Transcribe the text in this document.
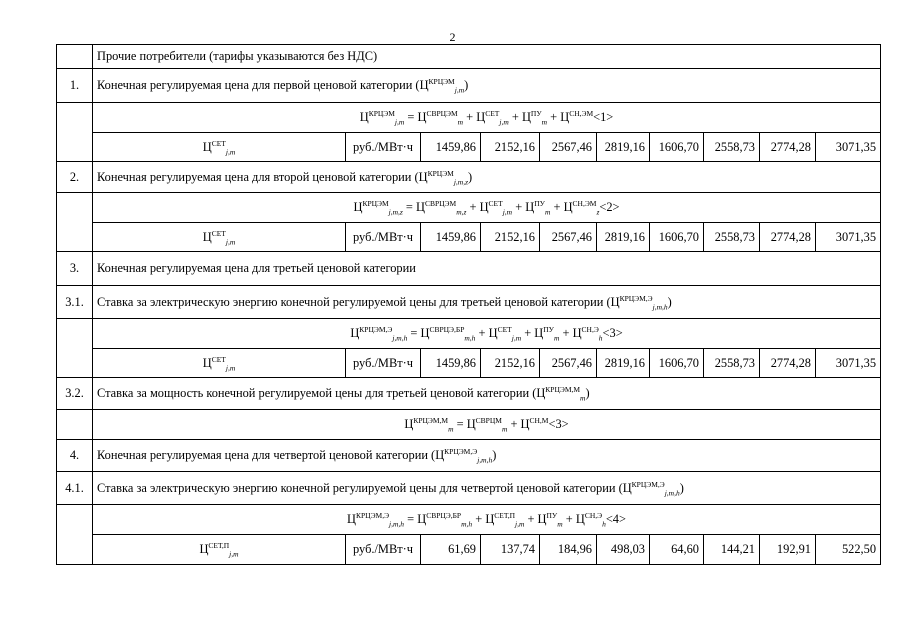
2
	Прочие потребители (тарифы указываются без НДС)									
1.	Конечная регулируемая цена для первой ценовой категории $(Ц^{КРЦЭМ}_{j,m})$									
	$Ц^{КРЦЭМ}_{j,m} = Ц^{СВРЦЭМ}_m + Ц^{СЕТ}_{j,m} + Ц^{ПУ}_m + Ц^{СН,ЭМ}<1>$									
	$Ц^{СЕТ}_{j,m}$	руб./МВт·ч	1459,86	2152,16	2567,46	2819,16	1606,70	2558,73	2774,28	3071,35
2.	Конечная регулируемая цена для второй ценовой категории $(Ц^{КРЦЭМ}_{j,m,z})$									
	$Ц^{КРЦЭМ}_{j,m,z} = Ц^{СВРЦЭМ}_{m,z} + Ц^{СЕТ}_{j,m} + Ц^{ПУ}_m + Ц^{СН,ЭМ}_z<2>$									
	$Ц^{СЕТ}_{j,m}$	руб./МВт·ч	1459,86	2152,16	2567,46	2819,16	1606,70	2558,73	2774,28	3071,35
3.	Конечная регулируемая цена для третьей ценовой категории									
3.1.	Ставка за электрическую энергию конечной регулируемой цены для третьей ценовой категории $(Ц^{КРЦЭМ,Э}_{j,m,h})$									
	$Ц^{КРЦЭМ,Э}_{j,m,h} = Ц^{СВРЦЭ,БР}_{m,h} + Ц^{СЕТ}_{j,m} + Ц^{ПУ}_m + Ц^{СН,Э}_h<3>$									
	$Ц^{СЕТ}_{j,m}$	руб./МВт·ч	1459,86	2152,16	2567,46	2819,16	1606,70	2558,73	2774,28	3071,35
3.2.	Ставка за мощность конечной регулируемой цены для третьей ценовой категории $(Ц^{КРЦЭМ,М}_m)$									
	$Ц^{КРЦЭМ,М}_m = Ц^{СВРЦМ}_m + Ц^{СН,М}<3>$									
4.	Конечная регулируемая цена для четвертой ценовой категории $(Ц^{КРЦЭМ,Э}_{j,m,h})$									
4.1.	Ставка за электрическую энергию конечной регулируемой цены для четвертой ценовой категории $(Ц^{КРЦЭМ,Э}_{j,m,h})$									
	$Ц^{КРЦЭМ,Э}_{j,m,h} = Ц^{СВРЦЭ,БР}_{m,h} + Ц^{СЕТ,П}_{j,m} + Ц^{ПУ}_m + Ц^{СН,Э}_h<4>$									
	$Ц^{СЕТ,П}_{j,m}$	руб./МВт·ч	61,69	137,74	184,96	498,03	64,60	144,21	192,91	522,50
